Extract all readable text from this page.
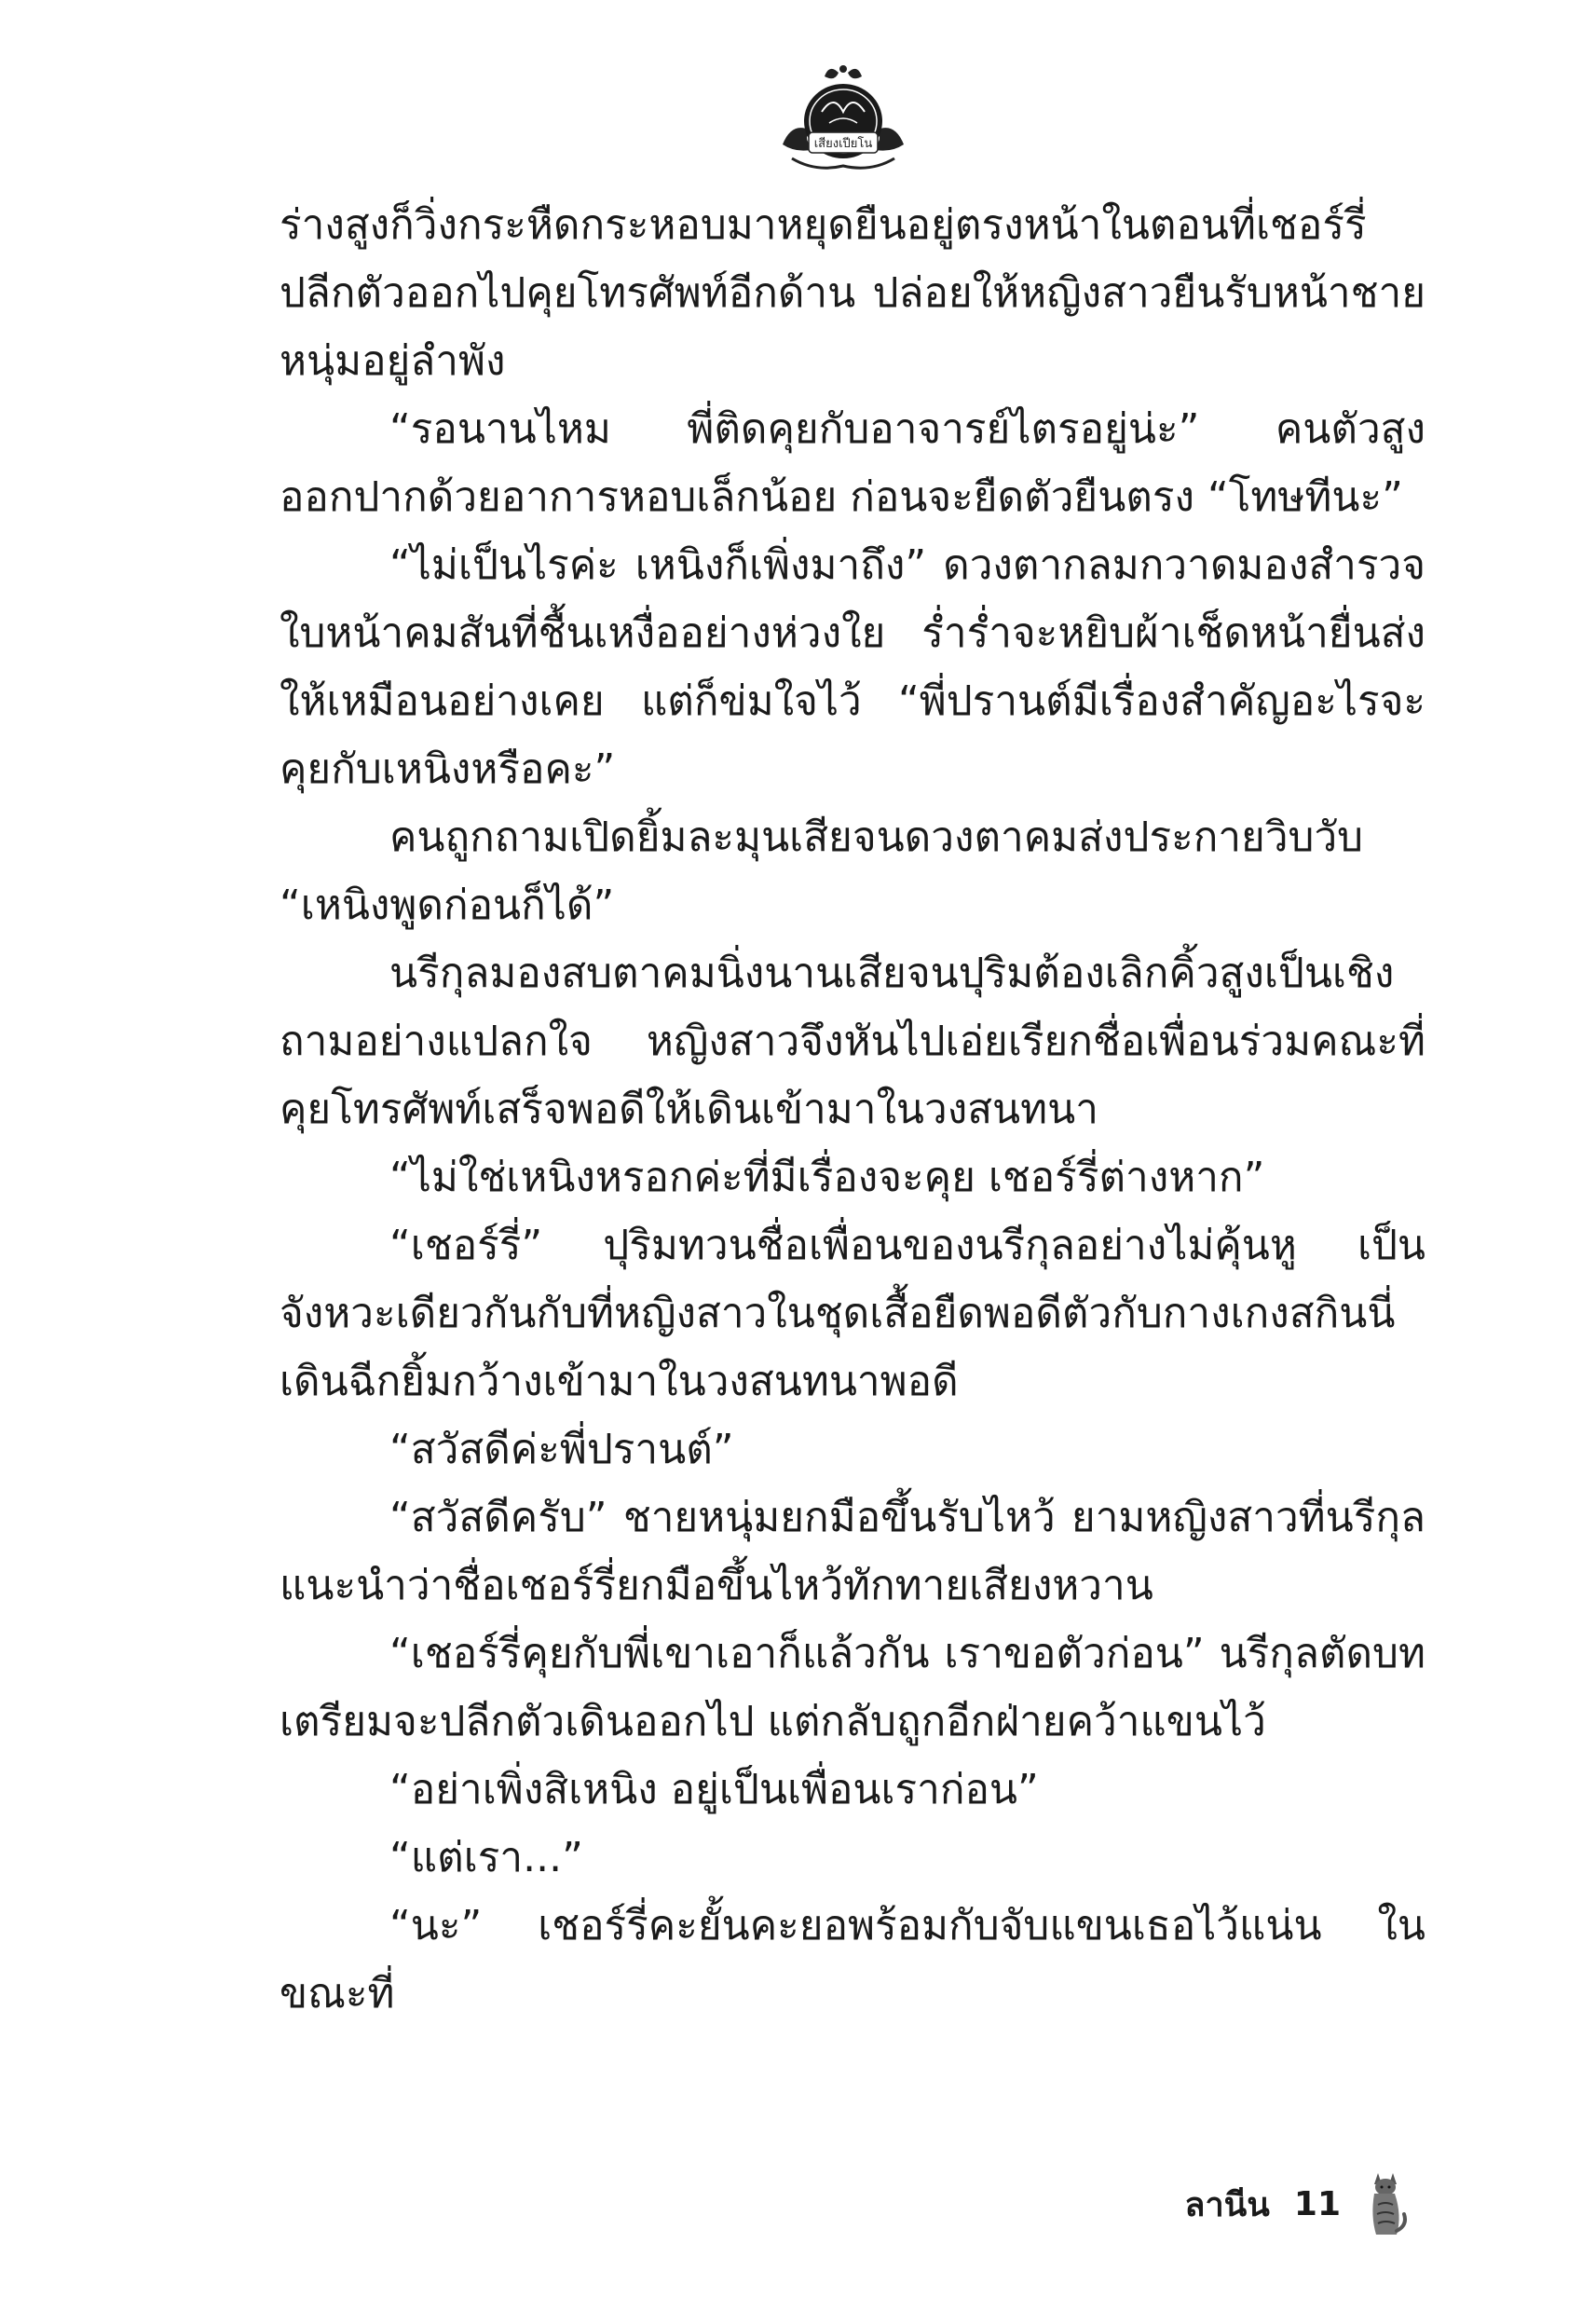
เสียงเปียโน

ร่างสูงก็วิ่งกระหืดกระหอบมาหยุดยืนอยู่ตรงหน้าในตอนที่เชอร์รี่ปลีกตัวออกไปคุยโทรศัพท์อีกด้าน ปล่อยให้หญิงสาวยืนรับหน้าชายหนุ่มอยู่ลำพัง

“รอนานไหม พี่ติดคุยกับอาจารย์ไตรอยู่น่ะ” คนตัวสูงออกปากด้วยอาการหอบเล็กน้อย ก่อนจะยืดตัวยืนตรง “โทษทีนะ”

“ไม่เป็นไรค่ะ เหนิงก็เพิ่งมาถึง” ดวงตากลมกวาดมองสำรวจใบหน้าคมสันที่ชื้นเหงื่ออย่างห่วงใย ร่ำร่ำจะหยิบผ้าเช็ดหน้ายื่นส่งให้เหมือนอย่างเคย แต่ก็ข่มใจไว้ “พี่ปรานต์มีเรื่องสำคัญอะไรจะคุยกับเหนิงหรือคะ”

คนถูกถามเปิดยิ้มละมุนเสียจนดวงตาคมส่งประกายวิบวับ “เหนิงพูดก่อนก็ได้”

นรีกุลมองสบตาคมนิ่งนานเสียจนปุริมต้องเลิกคิ้วสูงเป็นเชิงถามอย่างแปลกใจ หญิงสาวจึงหันไปเอ่ยเรียกชื่อเพื่อนร่วมคณะที่คุยโทรศัพท์เสร็จพอดีให้เดินเข้ามาในวงสนทนา

“ไม่ใช่เหนิงหรอกค่ะที่มีเรื่องจะคุย เชอร์รี่ต่างหาก”

“เชอร์รี่” ปุริมทวนชื่อเพื่อนของนรีกุลอย่างไม่คุ้นหู เป็นจังหวะเดียวกันกับที่หญิงสาวในชุดเสื้อยืดพอดีตัวกับกางเกงสกินนี่เดินฉีกยิ้มกว้างเข้ามาในวงสนทนาพอดี

“สวัสดีค่ะพี่ปรานต์”

“สวัสดีครับ” ชายหนุ่มยกมือขึ้นรับไหว้ ยามหญิงสาวที่นรีกุลแนะนำว่าชื่อเชอร์รี่ยกมือขึ้นไหว้ทักทายเสียงหวาน

“เชอร์รี่คุยกับพี่เขาเอาก็แล้วกัน เราขอตัวก่อน” นรีกุลตัดบทเตรียมจะปลีกตัวเดินออกไป แต่กลับถูกอีกฝ่ายคว้าแขนไว้

“อย่าเพิ่งสิเหนิง อยู่เป็นเพื่อนเราก่อน”

“แต่เรา...”

“นะ” เชอร์รี่คะยั้นคะยอพร้อมกับจับแขนเธอไว้แน่น ในขณะที่

ลานีน 11
